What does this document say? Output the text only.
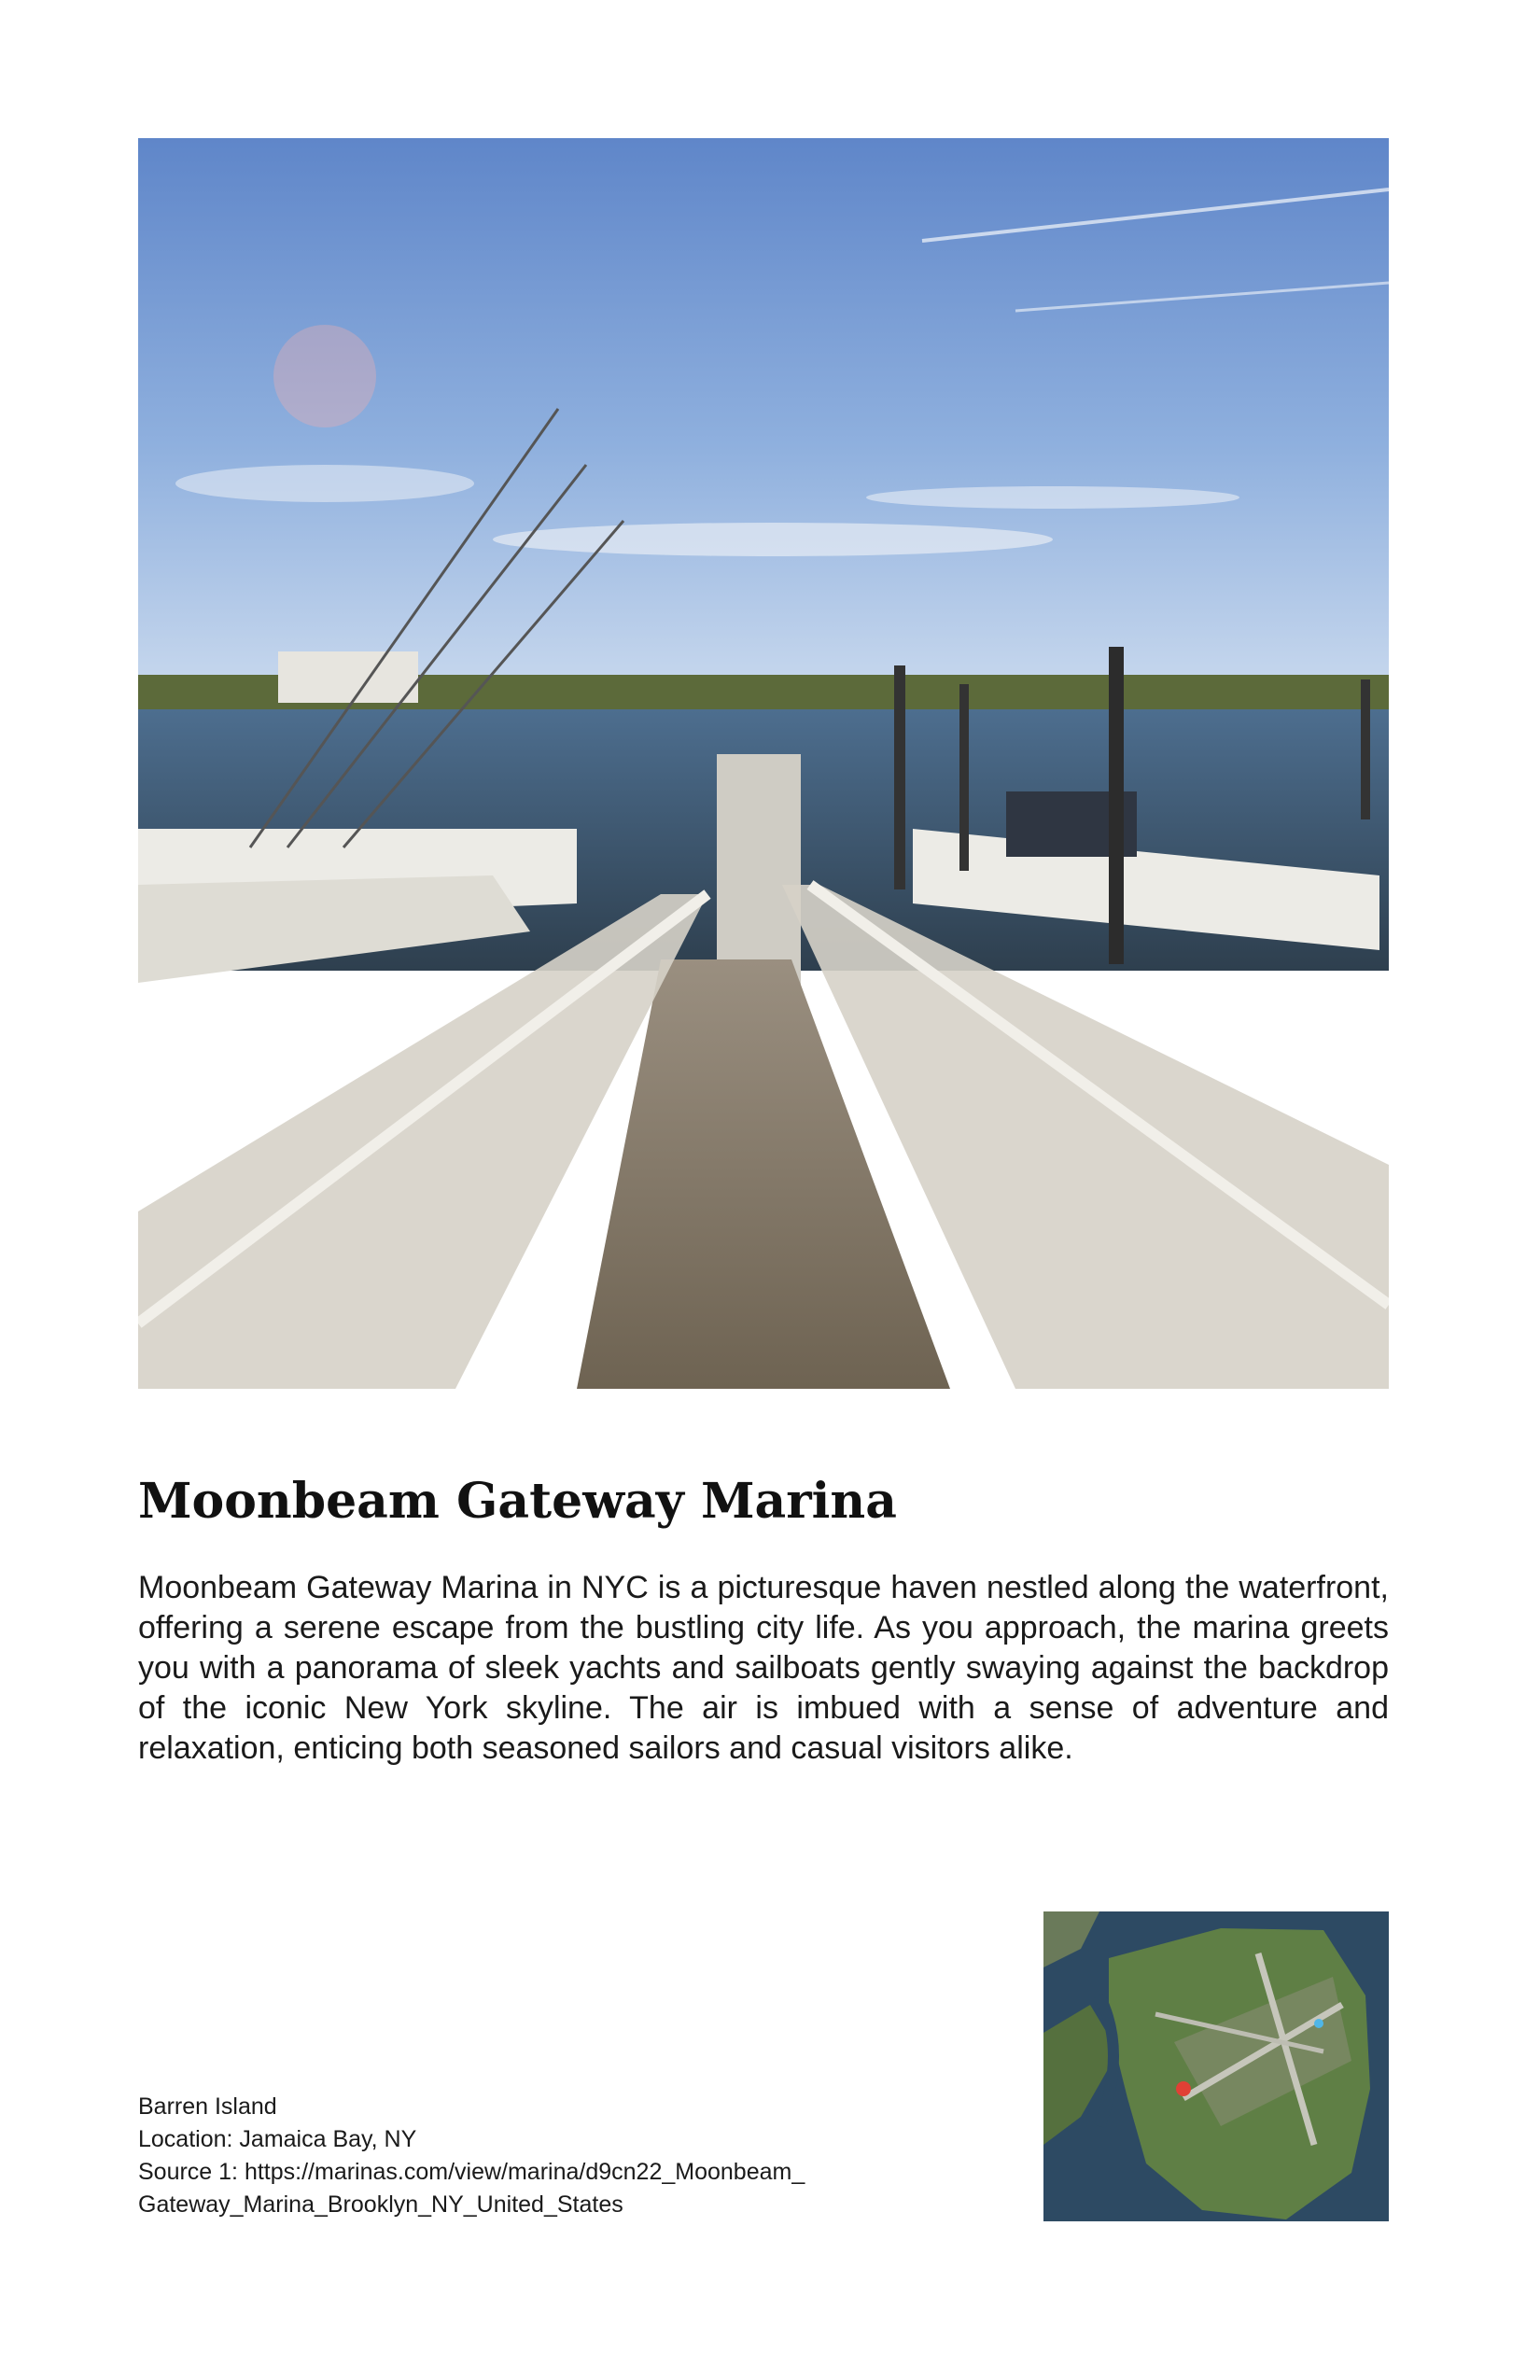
Moonbeam Gateway Marina
Moonbeam Gateway Marina in NYC is a picturesque haven nestled along the waterfront, offering a serene escape from the bustling city life. As you approach, the marina greets you with a panorama of sleek yachts and sailboats gently swaying against the backdrop of the iconic New York skyline. The air is imbued with a sense of adventure and relaxation, enticing both seasoned sailors and casual visitors alike.
Barren Island
Location: Jamaica Bay, NY
Source 1: https://marinas.com/view/marina/d9cn22_Moonbeam_
Gateway_Marina_Brooklyn_NY_United_States
